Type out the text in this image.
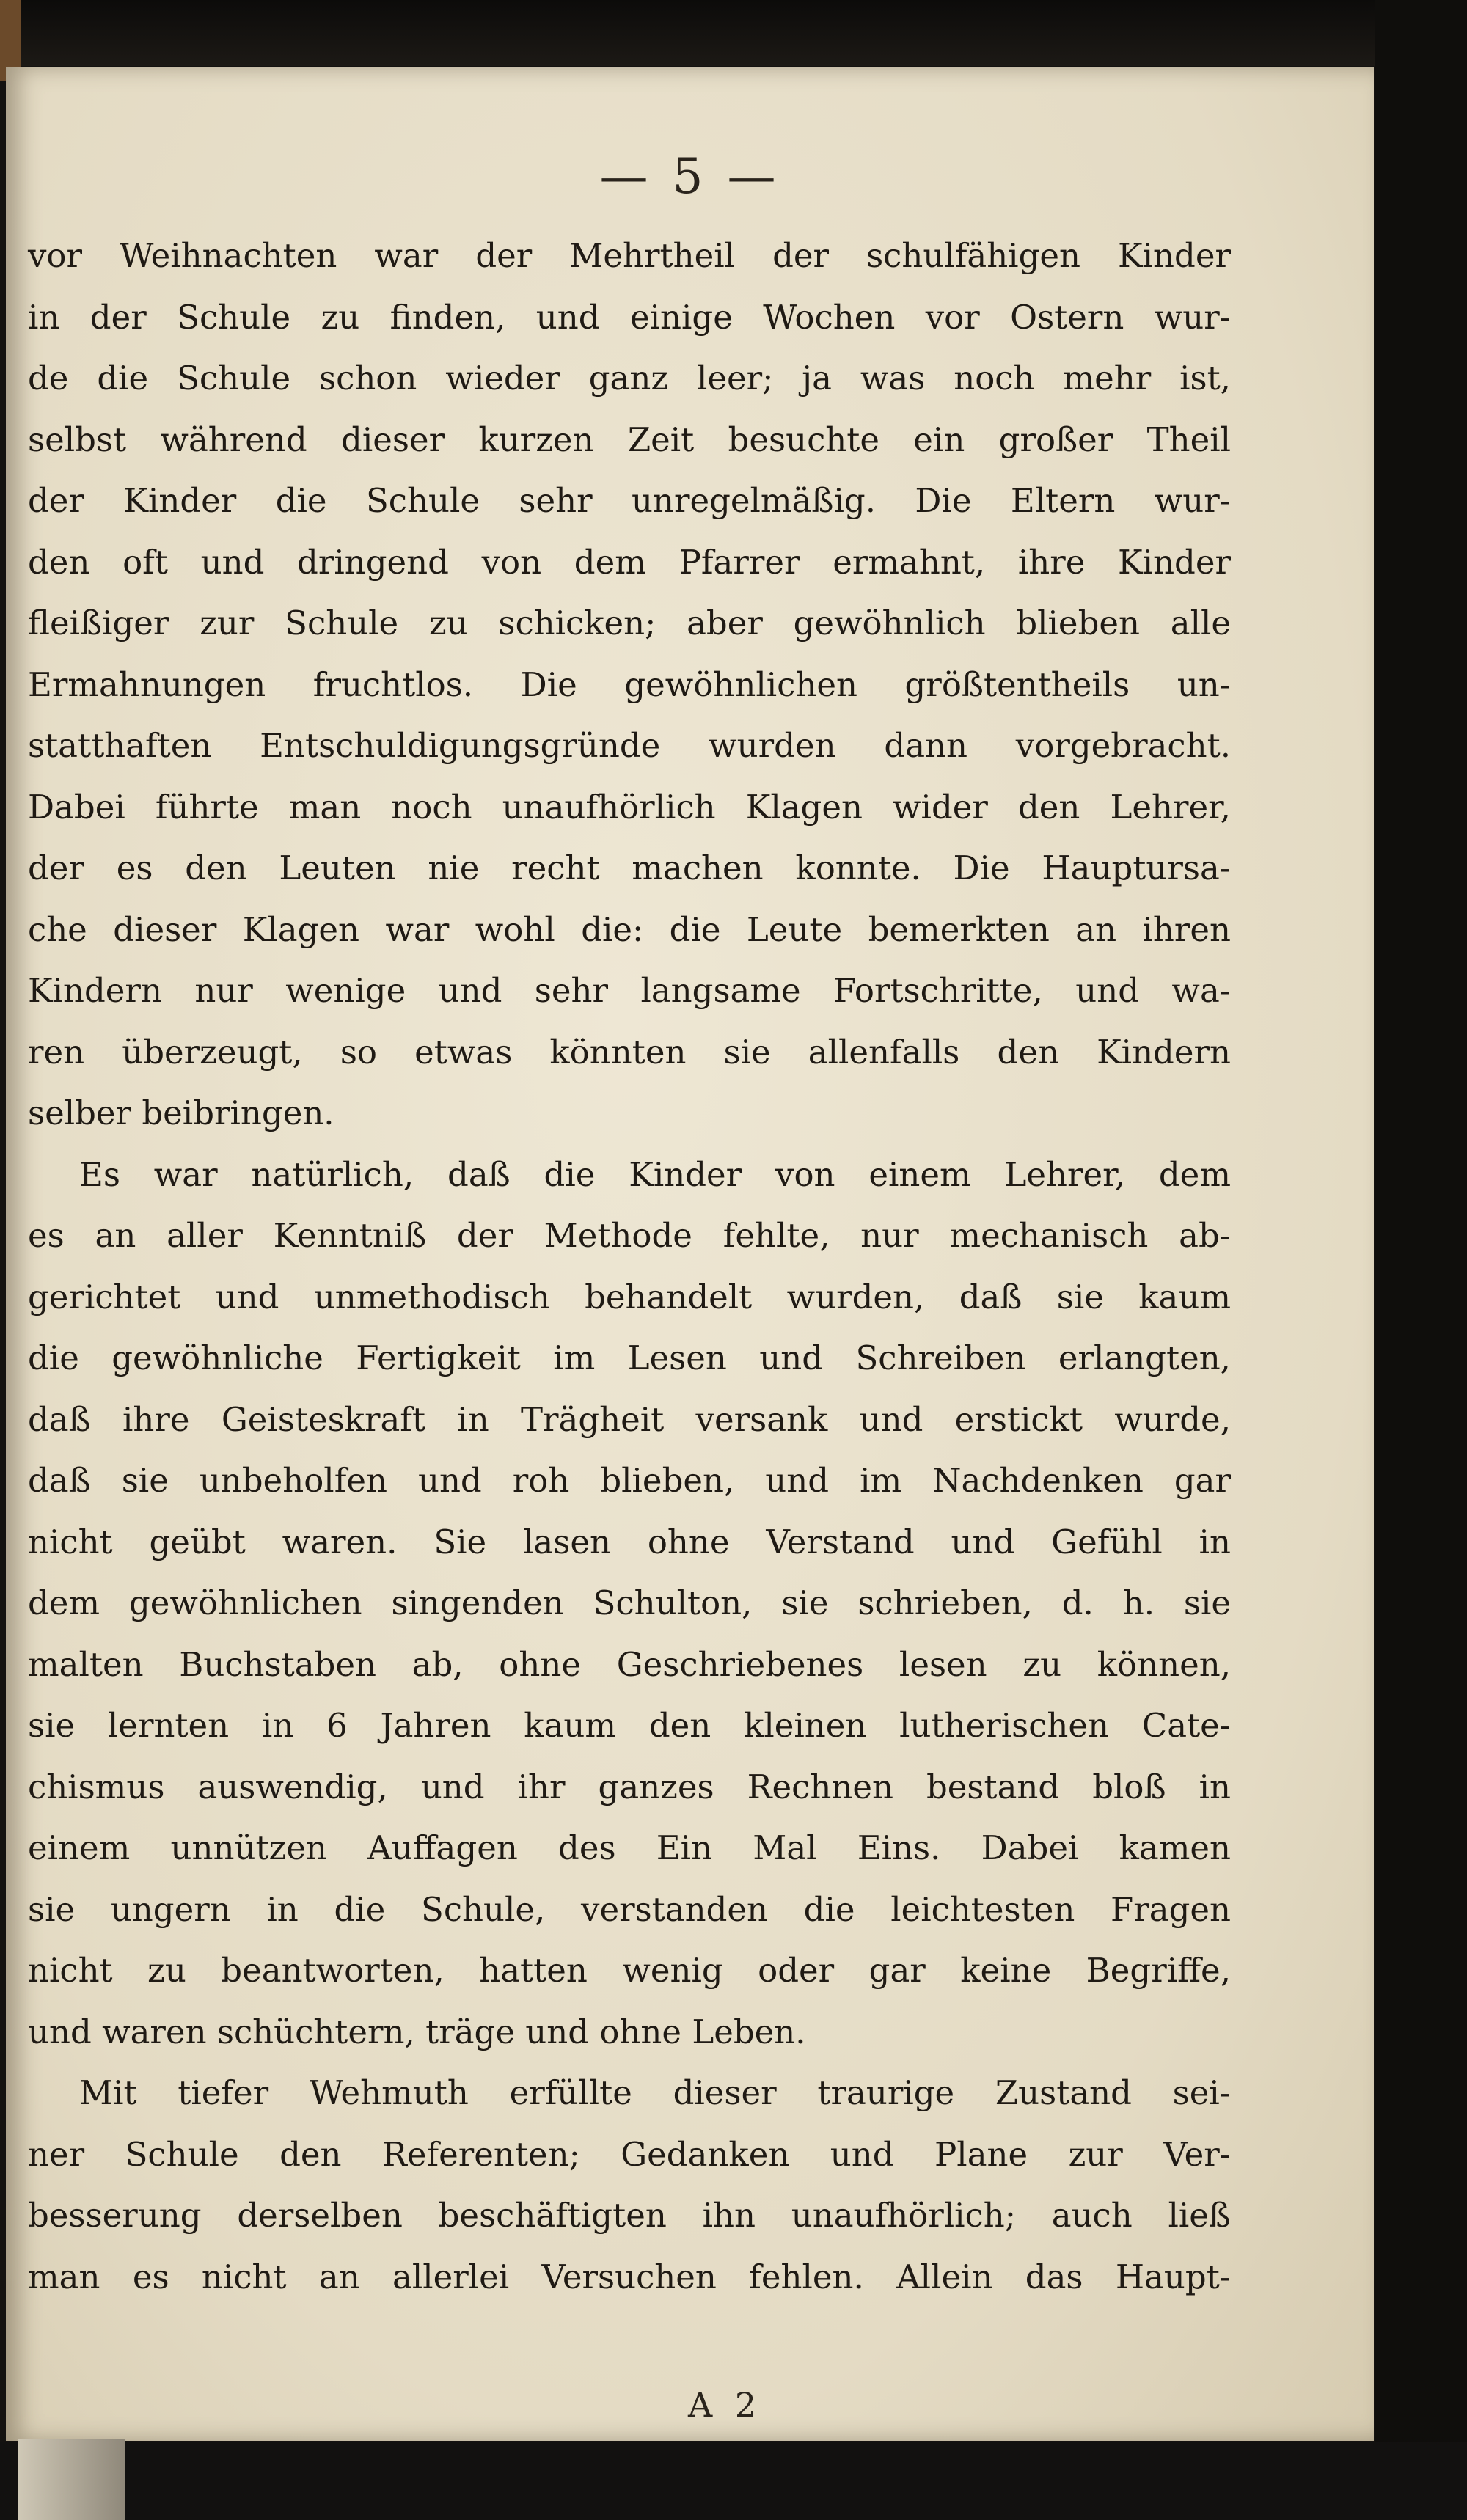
— 5 —
vor Weihnachten war der Mehrtheil der schulfähigen Kinder
in der Schule zu finden, und einige Wochen vor Ostern wur-
de die Schule schon wieder ganz leer; ja was noch mehr ist,
selbst während dieser kurzen Zeit besuchte ein großer Theil
der Kinder die Schule sehr unregelmäßig. Die Eltern wur-
den oft und dringend von dem Pfarrer ermahnt, ihre Kinder
fleißiger zur Schule zu schicken; aber gewöhnlich blieben alle
Ermahnungen fruchtlos. Die gewöhnlichen größtentheils un-
statthaften Entschuldigungsgründe wurden dann vorgebracht.
Dabei führte man noch unaufhörlich Klagen wider den Lehrer,
der es den Leuten nie recht machen konnte. Die Hauptursa-
che dieser Klagen war wohl die: die Leute bemerkten an ihren
Kindern nur wenige und sehr langsame Fortschritte, und wa-
ren überzeugt, so etwas könnten sie allenfalls den Kindern
selber beibringen.
Es war natürlich, daß die Kinder von einem Lehrer, dem
es an aller Kenntniß der Methode fehlte, nur mechanisch ab-
gerichtet und unmethodisch behandelt wurden, daß sie kaum
die gewöhnliche Fertigkeit im Lesen und Schreiben erlangten,
daß ihre Geisteskraft in Trägheit versank und erstickt wurde,
daß sie unbeholfen und roh blieben, und im Nachdenken gar
nicht geübt waren. Sie lasen ohne Verstand und Gefühl in
dem gewöhnlichen singenden Schulton, sie schrieben, d. h. sie
malten Buchstaben ab, ohne Geschriebenes lesen zu können,
sie lernten in 6 Jahren kaum den kleinen lutherischen Cate-
chismus auswendig, und ihr ganzes Rechnen bestand bloß in
einem unnützen Auffagen des Ein Mal Eins. Dabei kamen
sie ungern in die Schule, verstanden die leichtesten Fragen
nicht zu beantworten, hatten wenig oder gar keine Begriffe,
und waren schüchtern, träge und ohne Leben.
Mit tiefer Wehmuth erfüllte dieser traurige Zustand sei-
ner Schule den Referenten; Gedanken und Plane zur Ver-
besserung derselben beschäftigten ihn unaufhörlich; auch ließ
man es nicht an allerlei Versuchen fehlen. Allein das Haupt-
A 2
